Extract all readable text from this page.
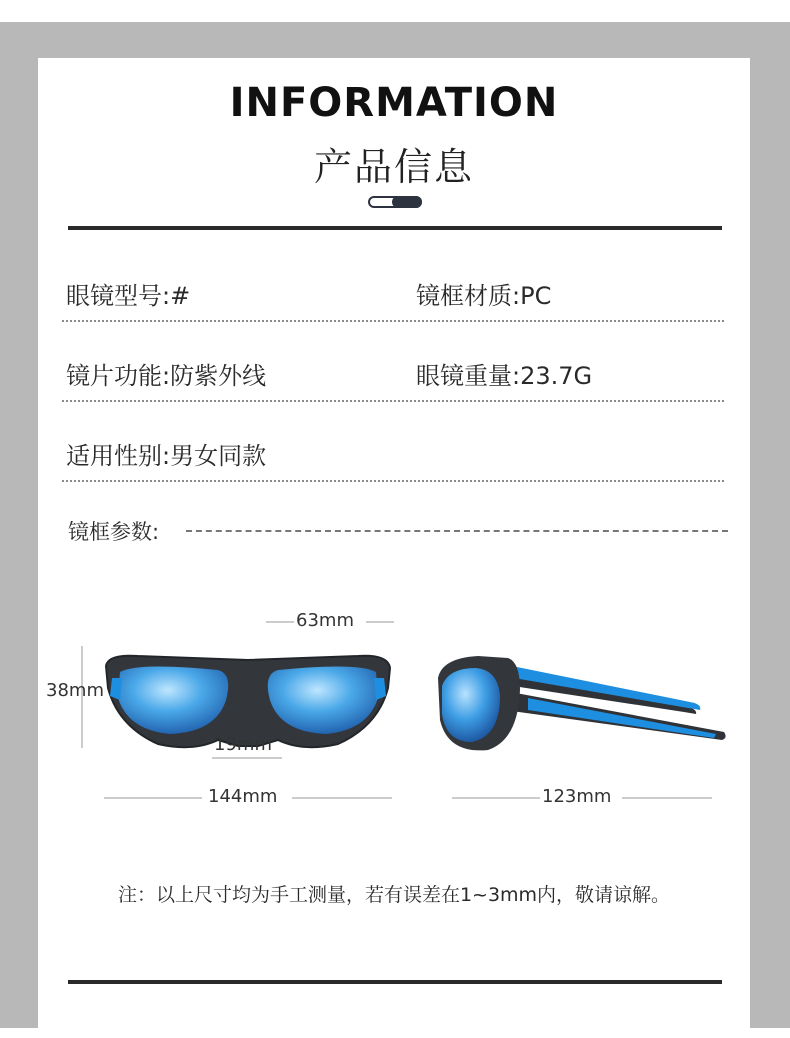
INFORMATION
产品信息
眼镜型号:#	镜框材质:PC
镜片功能:防紫外线	眼镜重量:23.7G
适用性别:男女同款
镜框参数:
63mm
38mm
19mm
144mm	123mm
注：以上尺寸均为手工测量，若有误差在1~3mm内，敬请谅解。
